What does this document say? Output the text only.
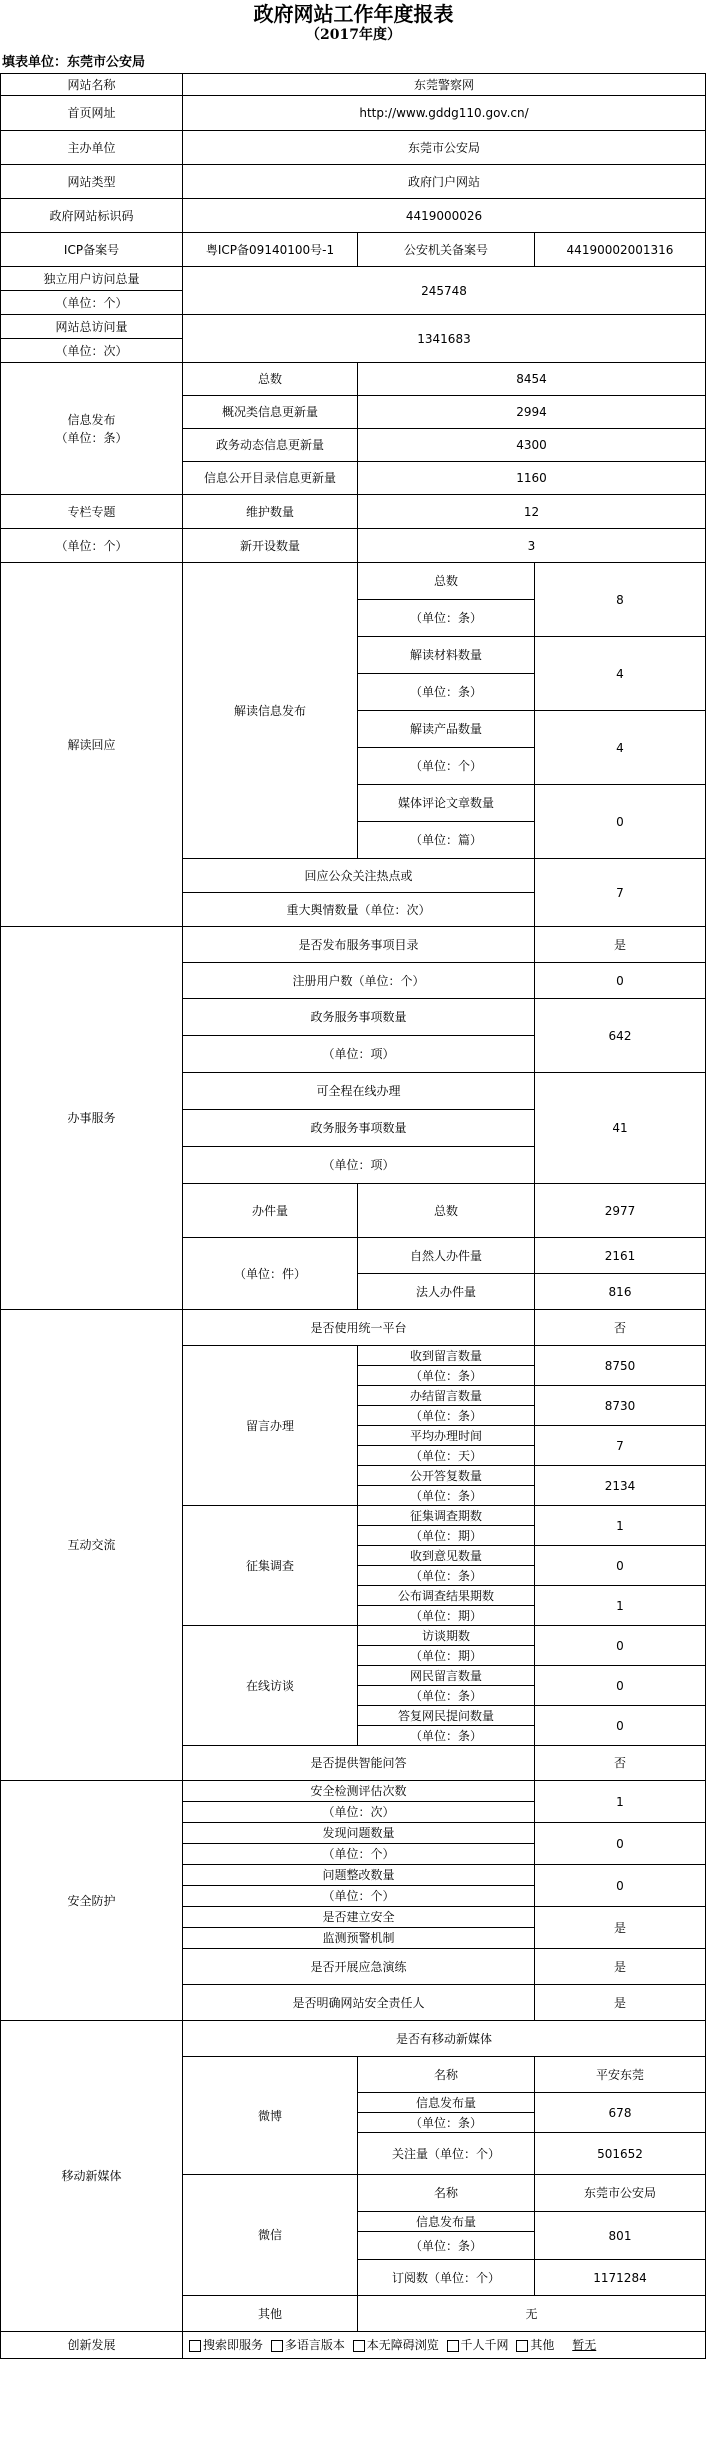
政府网站工作年度报表
（2017年度）
填表单位：东莞市公安局
网站名称	东莞警察网		
首页网址	http://www.gddg110.gov.cn/		
主办单位	东莞市公安局		
网站类型	政府门户网站		
政府网站标识码	4419000026		
ICP备案号	粤ICP备09140100号-1	公安机关备案号	44190002001316
独立用户访问总量	245748		
（单位：个）			
网站总访问量	1341683		
（单位：次）			

信息发布
（单位：条）	总数	8454	
	概况类信息更新量	2994	
	政务动态信息更新量	4300	
	信息公开目录信息更新量	1160	
专栏专题	维护数量	12	
（单位：个）	新开设数量	3	
解读回应	解读信息发布	总数	8
		（单位：条）	
		解读材料数量	4
		（单位：条）	
		解读产品数量	4
		（单位：个）	
		媒体评论文章数量	0
		（单位：篇）	
	回应公众关注热点或		7
	重大舆情数量（单位：次）		
办事服务	是否发布服务事项目录		是
	注册用户数（单位：个）		0
	政务服务事项数量		642
	（单位：项）		
	可全程在线办理		41
	政务服务事项数量		
	（单位：项）		
	办件量	总数	2977

	（单位：件）	自然人办件量	2161
		法人办件量	816
互动交流	是否使用统一平台		否
	留言办理	收到留言数量	8750
		（单位：条）	
		办结留言数量	8730
		（单位：条）	
		平均办理时间	7
		（单位：天）	
		公开答复数量	2134
		（单位：条）	
	征集调查	征集调查期数	1
		（单位：期）	
		收到意见数量	0
		（单位：条）	
		公布调查结果期数	1
		（单位：期）	
	在线访谈	访谈期数	0
		（单位：期）	
		网民留言数量	0
		（单位：条）	
		答复网民提问数量	0
		（单位：条）	
	是否提供智能问答		否
安全防护	安全检测评估次数		1
	（单位：次）		
	发现问题数量		0
	（单位：个）		
	问题整改数量		0
	（单位：个）		
	是否建立安全		是
	监测预警机制		
	是否开展应急演练		是
	是否明确网站安全责任人		是
移动新媒体	是否有移动新媒体		
	微博	名称	平安东莞
		信息发布量	678
		（单位：条）	
		关注量（单位：个）	501652

	微信	名称	东莞市公安局
		信息发布量	801
		（单位：条）	

		订阅数（单位：个）	1171284

	其他	无	
创新发展	搜索即服务 多语言版本 本无障碍浏览 千人千网 其他 暂无		
